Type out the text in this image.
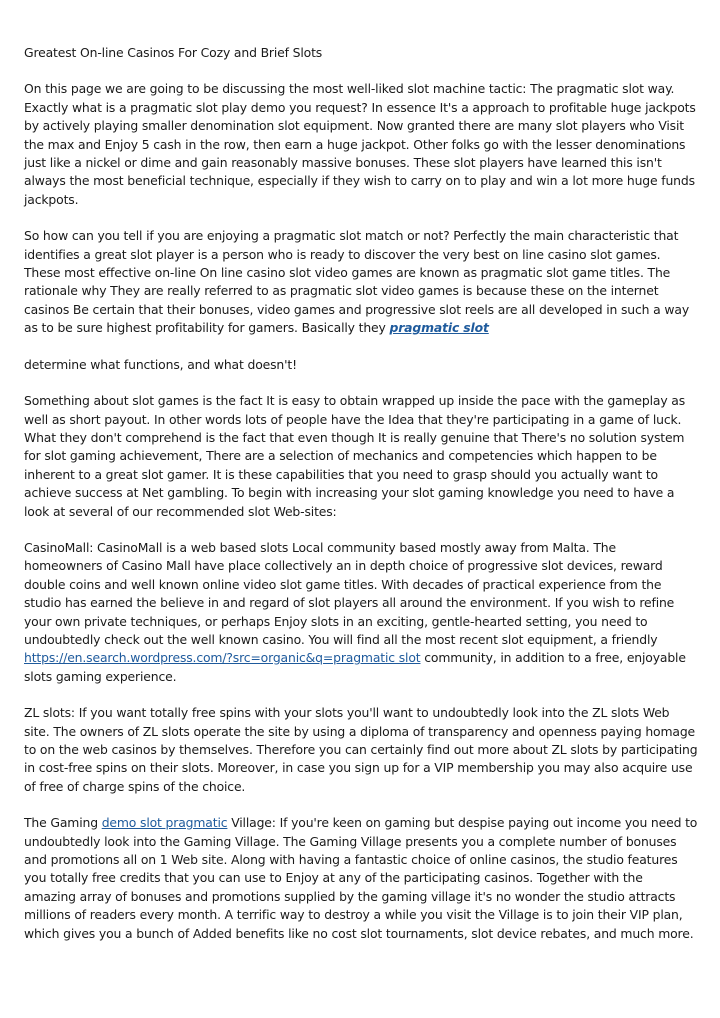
Greatest On-line Casinos For Cozy and Brief Slots

On this page we are going to be discussing the most well-liked slot machine tactic: The pragmatic slot way. Exactly what is a pragmatic slot play demo you request? In essence It's a approach to profitable huge jackpots by actively playing smaller denomination slot equipment. Now granted there are many slot players who Visit the max and Enjoy 5 cash in the row, then earn a huge jackpot. Other folks go with the lesser denominations just like a nickel or dime and gain reasonably massive bonuses. These slot players have learned this isn't always the most beneficial technique, especially if they wish to carry on to play and win a lot more huge funds jackpots.

So how can you tell if you are enjoying a pragmatic slot match or not? Perfectly the main characteristic that identifies a great slot player is a person who is ready to discover the very best on line casino slot games. These most effective on-line On line casino slot video games are known as pragmatic slot game titles. The rationale why They are really referred to as pragmatic slot video games is because these on the internet casinos Be certain that their bonuses, video games and progressive slot reels are all developed in such a way as to be sure highest profitability for gamers. Basically they pragmatic slot

determine what functions, and what doesn't!

Something about slot games is the fact It is easy to obtain wrapped up inside the pace with the gameplay as well as short payout. In other words lots of people have the Idea that they're participating in a game of luck. What they don't comprehend is the fact that even though It is really genuine that There's no solution system for slot gaming achievement, There are a selection of mechanics and competencies which happen to be inherent to a great slot gamer. It is these capabilities that you need to grasp should you actually want to achieve success at Net gambling. To begin with increasing your slot gaming knowledge you need to have a look at several of our recommended slot Web-sites:

CasinoMall: CasinoMall is a web based slots Local community based mostly away from Malta. The homeowners of Casino Mall have place collectively an in depth choice of progressive slot devices, reward double coins and well known online video slot game titles. With decades of practical experience from the studio has earned the believe in and regard of slot players all around the environment. If you wish to refine your own private techniques, or perhaps Enjoy slots in an exciting, gentle-hearted setting, you need to undoubtedly check out the well known casino. You will find all the most recent slot equipment, a friendly https://en.search.wordpress.com/?src=organic&q=pragmatic slot community, in addition to a free, enjoyable slots gaming experience.

ZL slots: If you want totally free spins with your slots you'll want to undoubtedly look into the ZL slots Web site. The owners of ZL slots operate the site by using a diploma of transparency and openness paying homage to on the web casinos by themselves. Therefore you can certainly find out more about ZL slots by participating in cost-free spins on their slots. Moreover, in case you sign up for a VIP membership you may also acquire use of free of charge spins of the choice.

The Gaming demo slot pragmatic Village: If you're keen on gaming but despise paying out income you need to undoubtedly look into the Gaming Village. The Gaming Village presents you a complete number of bonuses and promotions all on 1 Web site. Along with having a fantastic choice of online casinos, the studio features you totally free credits that you can use to Enjoy at any of the participating casinos. Together with the amazing array of bonuses and promotions supplied by the gaming village it's no wonder the studio attracts millions of readers every month. A terrific way to destroy a while you visit the Village is to join their VIP plan, which gives you a bunch of Added benefits like no cost slot tournaments, slot device rebates, and much more.
